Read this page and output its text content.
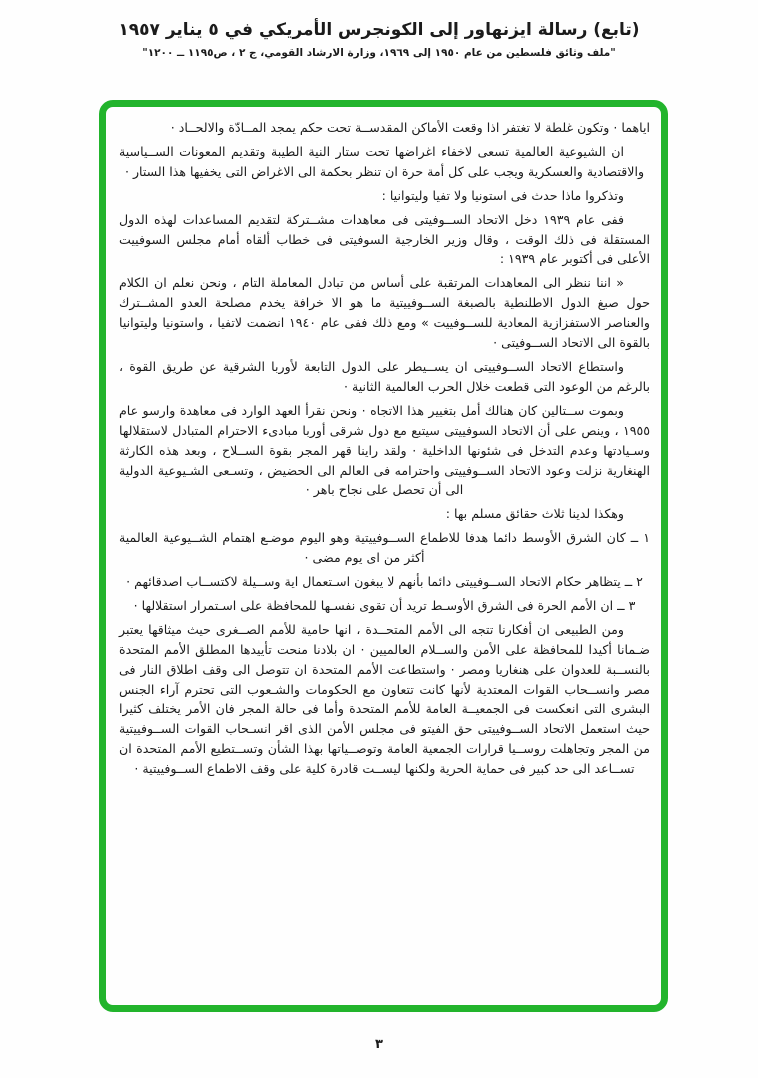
(تابع) رسالة ايزنهاور إلى الكونجرس الأمريكي في ٥ يناير ١٩٥٧
"ملف وثائق فلسطين من عام ١٩٥٠ إلى ١٩٦٩، وزارة الارشاد القومي، ج ٢ ، ص١١٩٥ ــ ١٢٠٠"
اياهما · وتكون غلطة لا تغتفر اذا وقعت الأماكن المقدســة تحت حكم يمجد المــادّة والالحــاد ·
ان الشيوعية العالمية تسعى لاخفاء اغراضها تحت ستار النية الطيبة وتقديم المعونات الســياسية والاقتصادية والعسكرية ويجب على كل أمة حرة ان تنظر بحكمة الى الاغراض التى يخفيها هذا الستار ·
وتذكروا ماذا حدث فى استونيا ولا تفيا وليتوانيا :
ففى عام ١٩٣٩ دخل الاتحاد الســوفيتى فى معاهدات مشــتركة لتقديم المساعدات لهذه الدول المستقلة فى ذلك الوقت ، وقال وزير الخارجية السوفيتى فى خطاب ألقاه أمام مجلس السوفييت الأعلى فى أكتوبر عام ١٩٣٩ :
« اننا ننظر الى المعاهدات المرتقبة على أساس من تبادل المعاملة التام ، ونحن نعلم ان الكلام حول صبغ الدول الاطلنطية بالصبغة الســوفييتية ما هو الا خرافة يخدم مصلحة العدو المشــترك والعناصر الاستفزازية المعادية للســوفييت » ومع ذلك ففى عام ١٩٤٠ انضمت لاتفيا ، واستونيا وليتوانيا بالقوة الى الاتحاد الســوفيتى ·
واستطاع الاتحاد الســوفييتى ان يســيطر على الدول التابعة لأوربا الشرقية عن طريق القوة ، بالرغم من الوعود التى قطعت خلال الحرب العالمية الثانية ·
وبموت ســتالين كان هنالك أمل بتغيير هذا الاتجاه · ونحن نقرأ العهد الوارد فى معاهدة وارسو عام ١٩٥٥ ، وينص على أن الاتحاد السوفييتى سيتبع مع دول شرقى أوربا مبادىء الاحترام المتبادل لاستقلالها وسـيادتها وعدم التدخل فى شئونها الداخلية · ولقد راينا قهر المجر بقوة الســلاح ، وبعد هذه الكارثة الهنغارية نزلت وعود الاتحاد الســوفييتى واحترامه فى العالم الى الحضيض ، وتسـعى الشـيوعية الدولية الى أن تحصل على نجاح باهر ·
وهكذا لدينا ثلاث حقائق مسلم بها :
١ ــ كان الشرق الأوسط دائما هدفا للاطماع الســوفييتية وهو اليوم موضـع اهتمام الشــيوعية العالمية أكثر من اى يوم مضى ·
٢ ــ يتظاهر حكام الاتحاد الســوفييتى دائما بأنهم لا يبغون اسـتعمال اية وســيلة لاكتســاب اصدقائهم ·
٣ ــ ان الأمم الحرة فى الشرق الأوسـط تريد أن تقوى نفسـها للمحافظة على اسـتمرار استقلالها ·
ومن الطبيعى ان أفكارنا تتجه الى الأمم المتحــدة ، انها حامية للأمم الصــغرى حيث ميثاقها يعتبر ضـمانا أكيدا للمحافظة على الأمن والســلام العالميين · ان بلادنا منحت تأييدها المطلق الأمم المتحدة بالنســبة للعدوان على هنغاريا ومصر · واستطاعت الأمم المتحدة ان تتوصل الى وقف اطلاق النار فى مصر وانســحاب القوات المعتدية لأنها كانت تتعاون مع الحكومات والشـعوب التى تحترم آراء الجنس البشرى التى انعكست فى الجمعيــة العامة للأمم المتحدة وأما فى حالة المجر فان الأمر يختلف كثيرا حيث استعمل الاتحاد الســوفييتى حق الفيتو فى مجلس الأمن الذى اقر انسـحاب القوات الســوفييتية من المجر وتجاهلت روســيا قرارات الجمعية العامة وتوصــياتها بهذا الشأن وتســتطيع الأمم المتحدة ان تســاعد الى حد كبير فى حماية الحرية ولكنها ليســت قادرة كلية على وقف الاطماع الســوفييتية ·
٣
